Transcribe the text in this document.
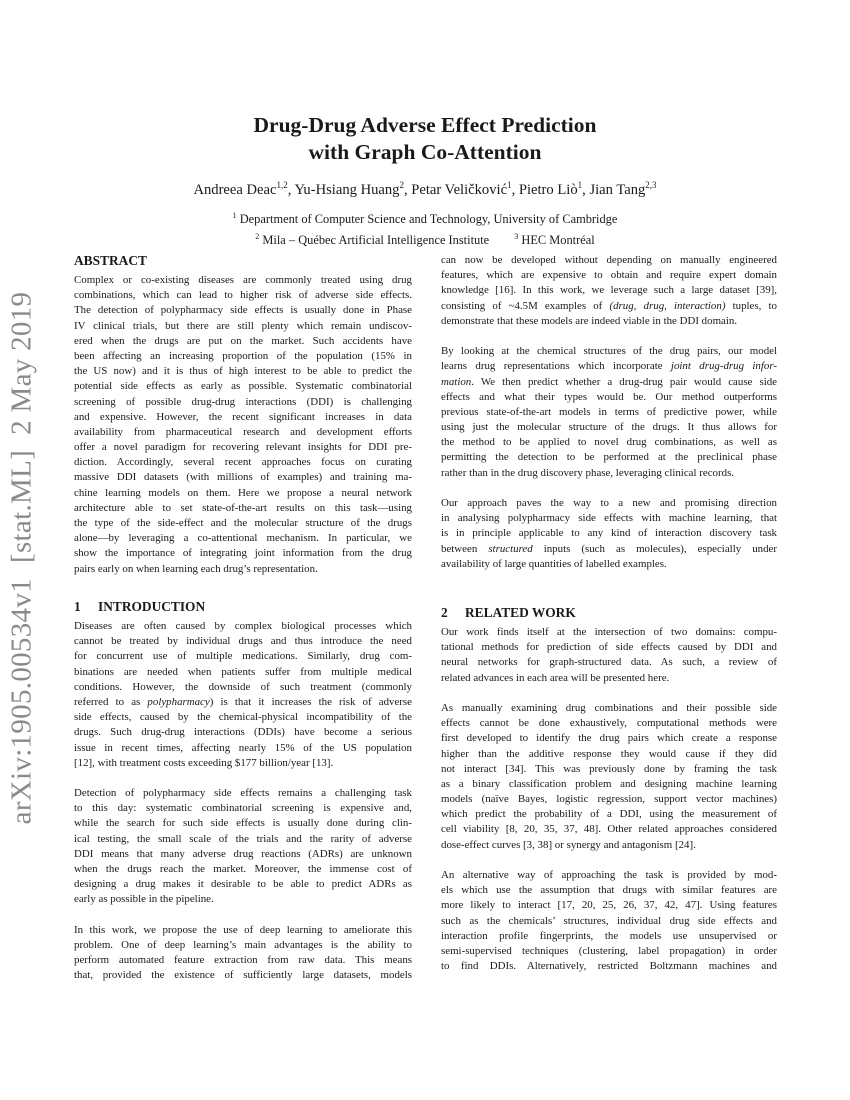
arXiv:1905.00534v1  [stat.ML]  2 May 2019
Drug-Drug Adverse Effect Prediction
with Graph Co-Attention
Andreea Deac$^{1,2}$, Yu-Hsiang Huang$^2$, Petar Veličković$^1$, Pietro Liò$^1$, Jian Tang$^{2,3}$
$^1$ Department of Computer Science and Technology, University of Cambridge
$^2$ Mila – Québec Artificial Intelligence Institute	$^3$ HEC Montréal
ABSTRACT
Complex or co-existing diseases are commonly treated using drug
combinations, which can lead to higher risk of adverse side effects.
The detection of polypharmacy side effects is usually done in Phase
IV clinical trials, but there are still plenty which remain undiscov-
ered when the drugs are put on the market. Such accidents have
been affecting an increasing proportion of the population (15% in
the US now) and it is thus of high interest to be able to predict the
potential side effects as early as possible. Systematic combinatorial
screening of possible drug-drug interactions (DDI) is challenging
and expensive. However, the recent significant increases in data
availability from pharmaceutical research and development efforts
offer a novel paradigm for recovering relevant insights for DDI pre-
diction. Accordingly, several recent approaches focus on curating
massive DDI datasets (with millions of examples) and training ma-
chine learning models on them. Here we propose a neural network
architecture able to set state-of-the-art results on this task—using
the type of the side-effect and the molecular structure of the drugs
alone—by leveraging a co-attentional mechanism. In particular, we
show the importance of integrating joint information from the drug
pairs early on when learning each drug’s representation.
1 INTRODUCTION
Diseases are often caused by complex biological processes which
cannot be treated by individual drugs and thus introduce the need
for concurrent use of multiple medications. Similarly, drug com-
binations are needed when patients suffer from multiple medical
conditions. However, the downside of such treatment (commonly
referred to as polypharmacy) is that it increases the risk of adverse
side effects, caused by the chemical-physical incompatibility of the
drugs. Such drug-drug interactions (DDIs) have become a serious
issue in recent times, affecting nearly 15% of the US population
[12], with treatment costs exceeding $177 billion/year [13].
Detection of polypharmacy side effects remains a challenging task
to this day: systematic combinatorial screening is expensive and,
while the search for such side effects is usually done during clin-
ical testing, the small scale of the trials and the rarity of adverse
DDI means that many adverse drug reactions (ADRs) are unknown
when the drugs reach the market. Moreover, the immense cost of
designing a drug makes it desirable to be able to predict ADRs as
early as possible in the pipeline.
In this work, we propose the use of deep learning to ameliorate this
problem. One of deep learning’s main advantages is the ability to
perform automated feature extraction from raw data. This means
that, provided the existence of sufficiently large datasets, models
can now be developed without depending on manually engineered
features, which are expensive to obtain and require expert domain
knowledge [16]. In this work, we leverage such a large dataset [39],
consisting of ~4.5M examples of (drug, drug, interaction) tuples, to
demonstrate that these models are indeed viable in the DDI domain.
By looking at the chemical structures of the drug pairs, our model
learns drug representations which incorporate joint drug-drug infor-
mation. We then predict whether a drug-drug pair would cause side
effects and what their types would be. Our method outperforms
previous state-of-the-art models in terms of predictive power, while
using just the molecular structure of the drugs. It thus allows for
the method to be applied to novel drug combinations, as well as
permitting the detection to be performed at the preclinical phase
rather than in the drug discovery phase, leveraging clinical records.
Our approach paves the way to a new and promising direction
in analysing polypharmacy side effects with machine learning, that
is in principle applicable to any kind of interaction discovery task
between structured inputs (such as molecules), especially under
availability of large quantities of labelled examples.
2 RELATED WORK
Our work finds itself at the intersection of two domains: compu-
tational methods for prediction of side effects caused by DDI and
neural networks for graph-structured data. As such, a review of
related advances in each area will be presented here.
As manually examining drug combinations and their possible side
effects cannot be done exhaustively, computational methods were
first developed to identify the drug pairs which create a response
higher than the additive response they would cause if they did
not interact [34]. This was previously done by framing the task
as a binary classification problem and designing machine learning
models (naïve Bayes, logistic regression, support vector machines)
which predict the probability of a DDI, using the measurement of
cell viability [8, 20, 35, 37, 48]. Other related approaches considered
dose-effect curves [3, 38] or synergy and antagonism [24].
An alternative way of approaching the task is provided by mod-
els which use the assumption that drugs with similar features are
more likely to interact [17, 20, 25, 26, 37, 42, 47]. Using features
such as the chemicals’ structures, individual drug side effects and
interaction profile fingerprints, the models use unsupervised or
semi-supervised techniques (clustering, label propagation) in order
to find DDIs. Alternatively, restricted Boltzmann machines and
